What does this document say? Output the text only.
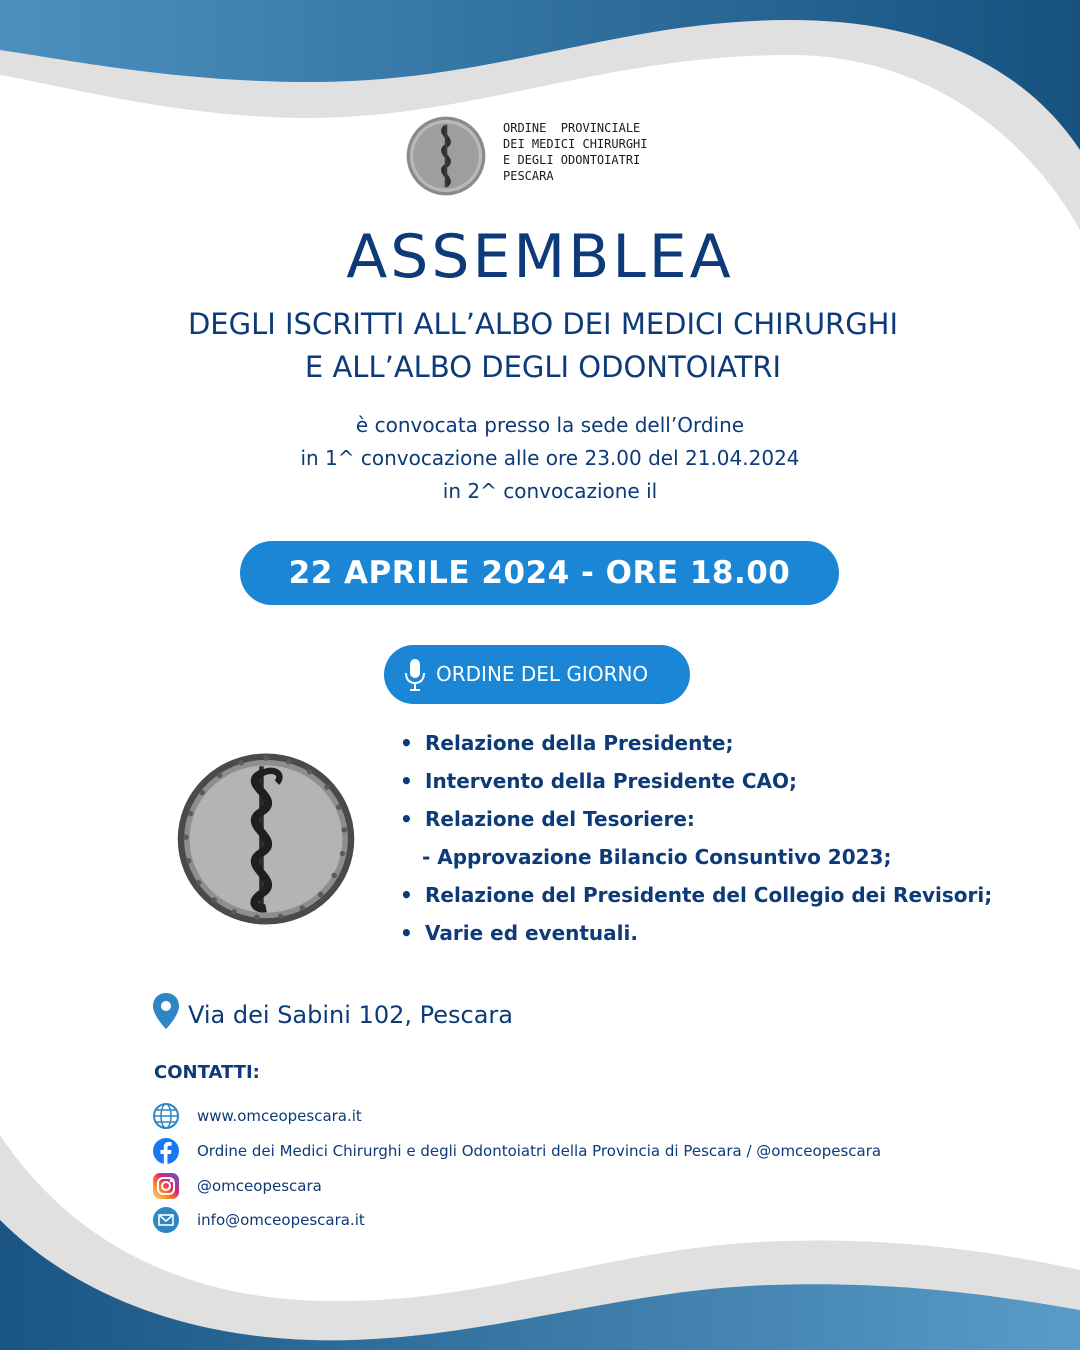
ORDINE  PROVINCIALE
DEI MEDICI CHIRURGHI
E DEGLI ODONTOIATRI
PESCARA
ASSEMBLEA
DEGLI ISCRITTI ALL’ALBO DEI MEDICI CHIRURGHI
E ALL’ALBO DEGLI ODONTOIATRI
è convocata presso la sede dell’Ordine
in 1^ convocazione alle ore 23.00 del 21.04.2024
in 2^ convocazione il
22 APRILE 2024 - ORE 18.00
ORDINE DEL GIORNO
• Relazione della Presidente;
• Intervento della Presidente CAO;
• Relazione del Tesoriere:
- Approvazione Bilancio Consuntivo 2023;
• Relazione del Presidente del Collegio dei Revisori;
• Varie ed eventuali.
Via dei Sabini 102, Pescara
CONTATTI:
www.omceopescara.it
Ordine dei Medici Chirurghi e degli Odontoiatri della Provincia di Pescara / @omceopescara
@omceopescara
info@omceopescara.it
